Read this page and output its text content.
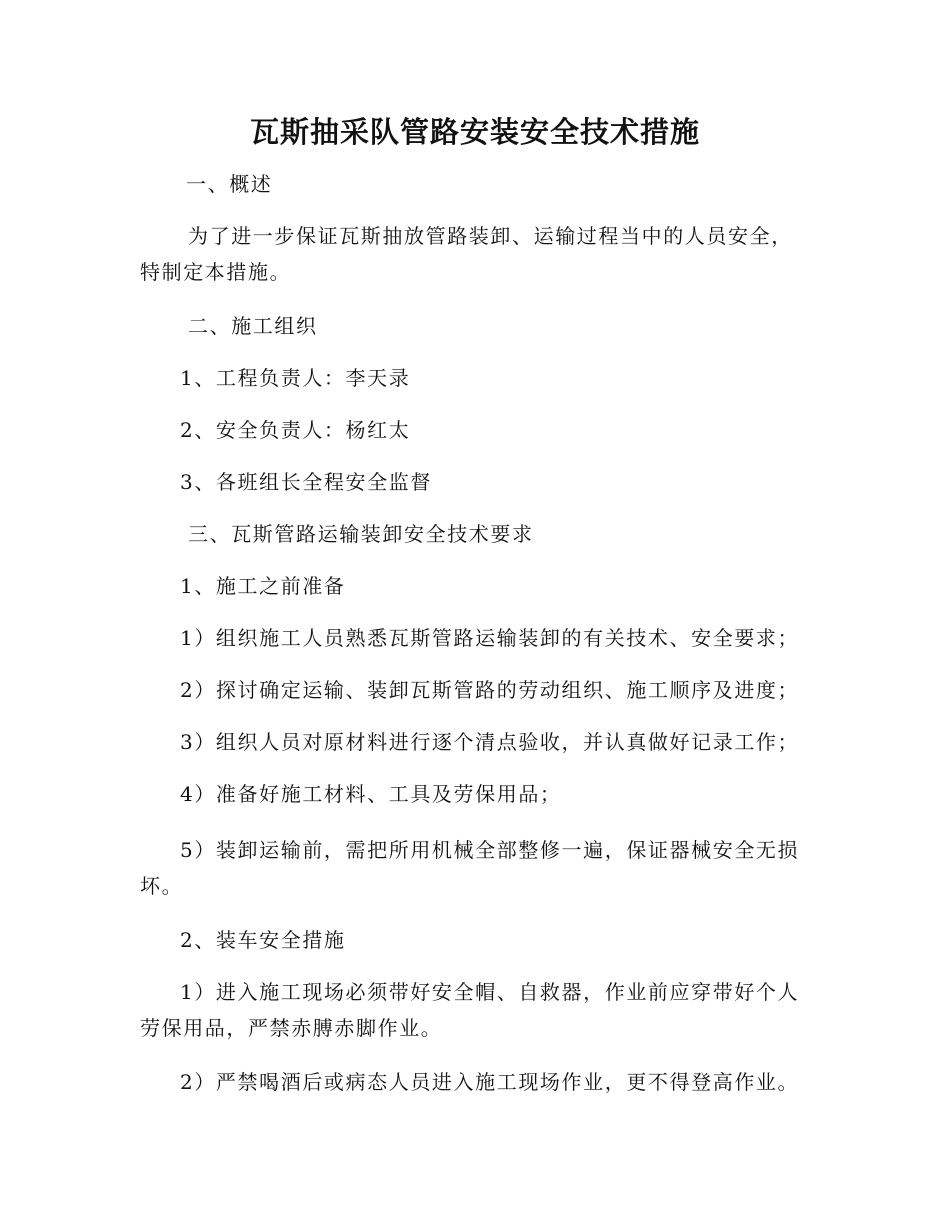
瓦斯抽采队管路安装安全技术措施
一、概述
为了进一步保证瓦斯抽放管路装卸、运输过程当中的人员安全，特制定本措施。
二、施工组织
1、工程负责人：李天录
2、安全负责人：杨红太
3、各班组长全程安全监督
三、瓦斯管路运输装卸安全技术要求
1、施工之前准备
1）组织施工人员熟悉瓦斯管路运输装卸的有关技术、安全要求；
2）探讨确定运输、装卸瓦斯管路的劳动组织、施工顺序及进度；
3）组织人员对原材料进行逐个清点验收，并认真做好记录工作；
4）准备好施工材料、工具及劳保用品；
5）装卸运输前，需把所用机械全部整修一遍，保证器械安全无损坏。
2、装车安全措施
1）进入施工现场必须带好安全帽、自救器，作业前应穿带好个人劳保用品，严禁赤膊赤脚作业。
2）严禁喝酒后或病态人员进入施工现场作业，更不得登高作业。
